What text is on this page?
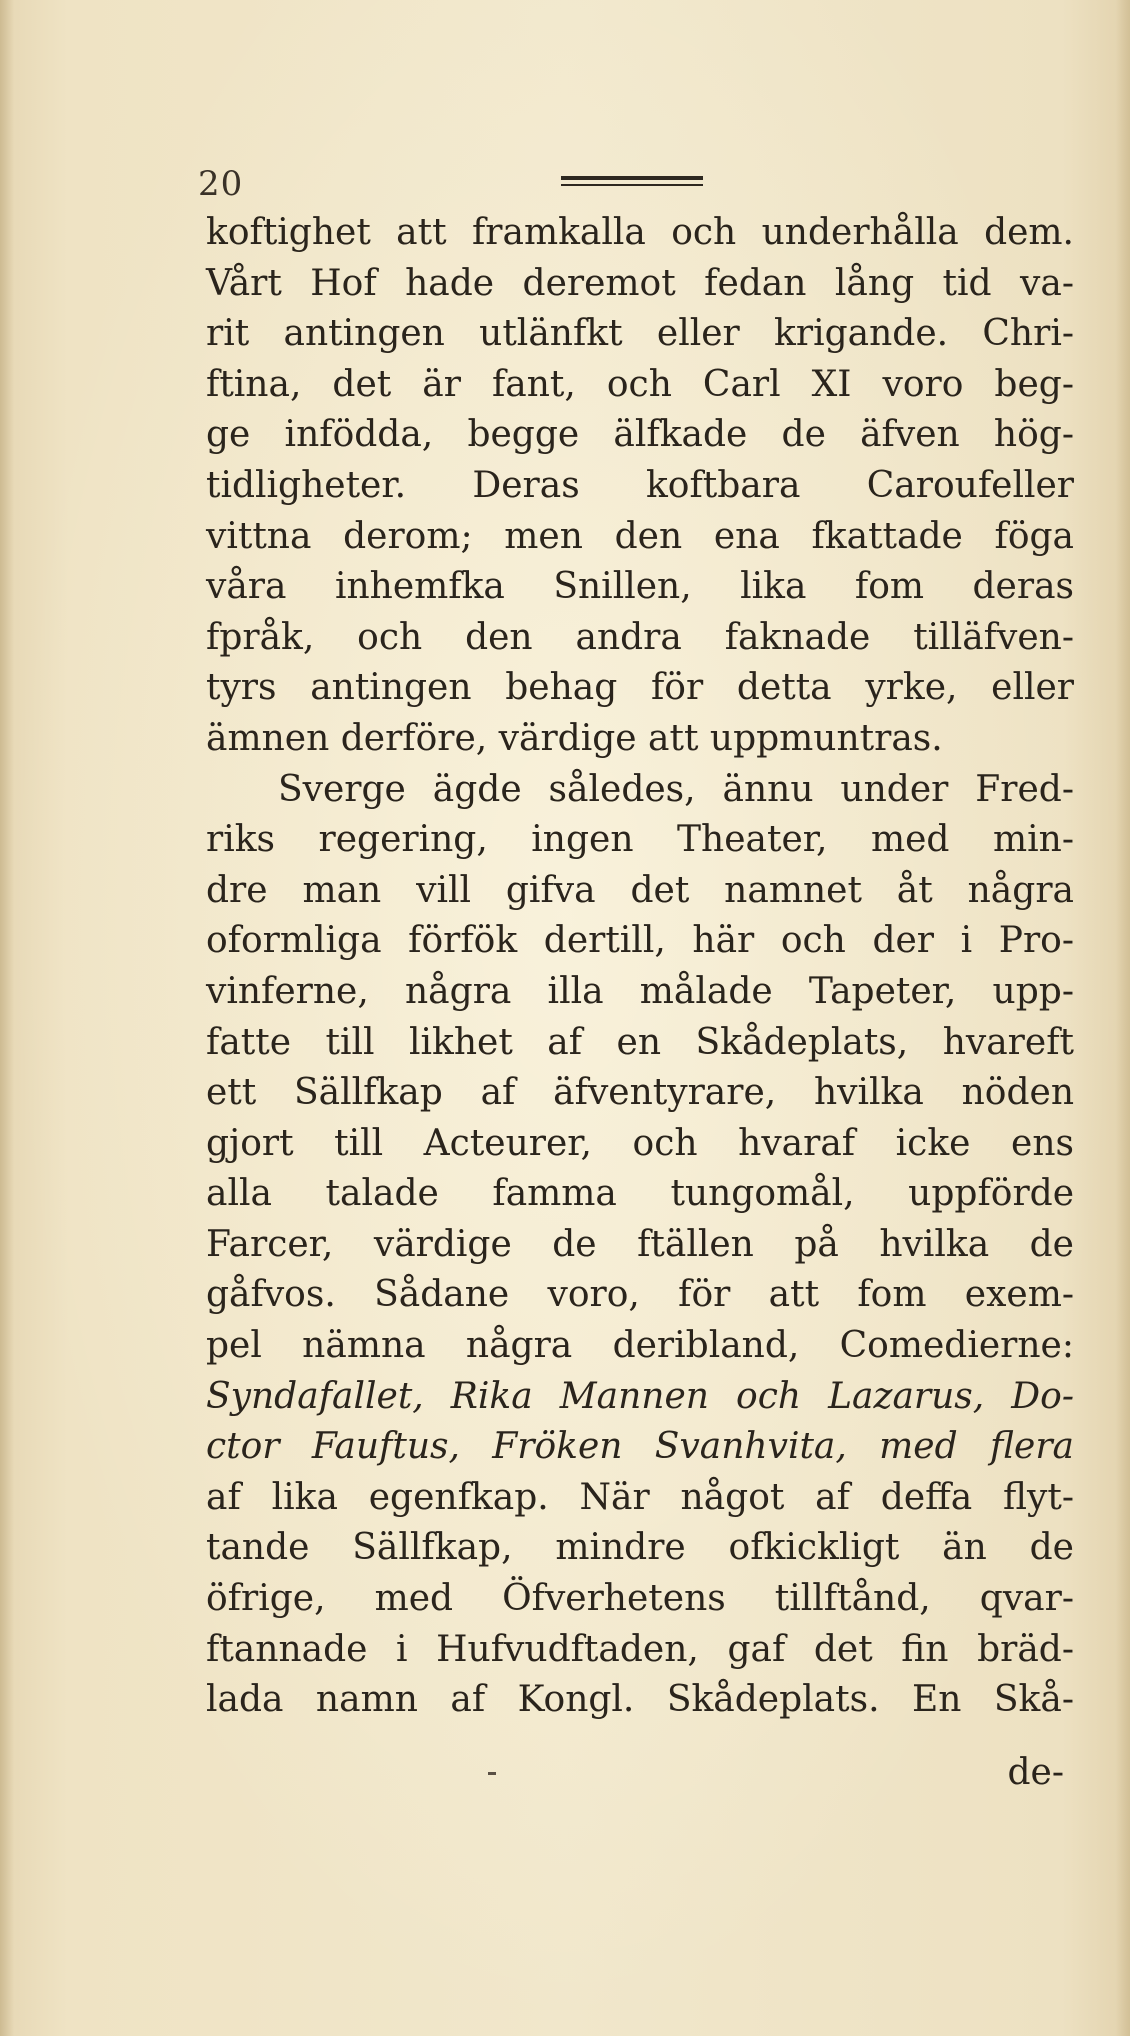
20
koftighet att framkalla och underhålla dem.
Vårt Hof hade deremot fedan lång tid va-
rit antingen utlänfkt eller krigande. Chri-
ftina, det är fant, och Carl XI voro beg-
ge infödda, begge älfkade de äfven hög-
tidligheter. Deras koftbara Caroufeller
vittna derom; men den ena fkattade föga
våra inhemfka Snillen, lika fom deras
fpråk, och den andra faknade tilläfven-
tyrs antingen behag för detta yrke, eller
ämnen derföre, värdige att uppmuntras.
Sverge ägde således, ännu under Fred-
riks regering, ingen Theater, med min-
dre man vill gifva det namnet åt några
oformliga förfök dertill, här och der i Pro-
vinferne, några illa målade Tapeter, upp-
fatte till likhet af en Skådeplats, hvareft
ett Sällfkap af äfventyrare, hvilka nöden
gjort till Acteurer, och hvaraf icke ens
alla talade famma tungomål, uppförde
Farcer, värdige de ftällen på hvilka de
gåfvos. Sådane voro, för att fom exem-
pel nämna några deribland, Comedierne:
Syndafallet, Rika Mannen och Lazarus, Do-
ctor Fauftus, Fröken Svanhvita, med flera
af lika egenfkap. När något af deffa flyt-
tande Sällfkap, mindre ofkickligt än de
öfrige, med Öfverhetens tillftånd, qvar-
ftannade i Hufvudftaden, gaf det fin bräd-
lada namn af Kongl. Skådeplats. En Skå-
de-
